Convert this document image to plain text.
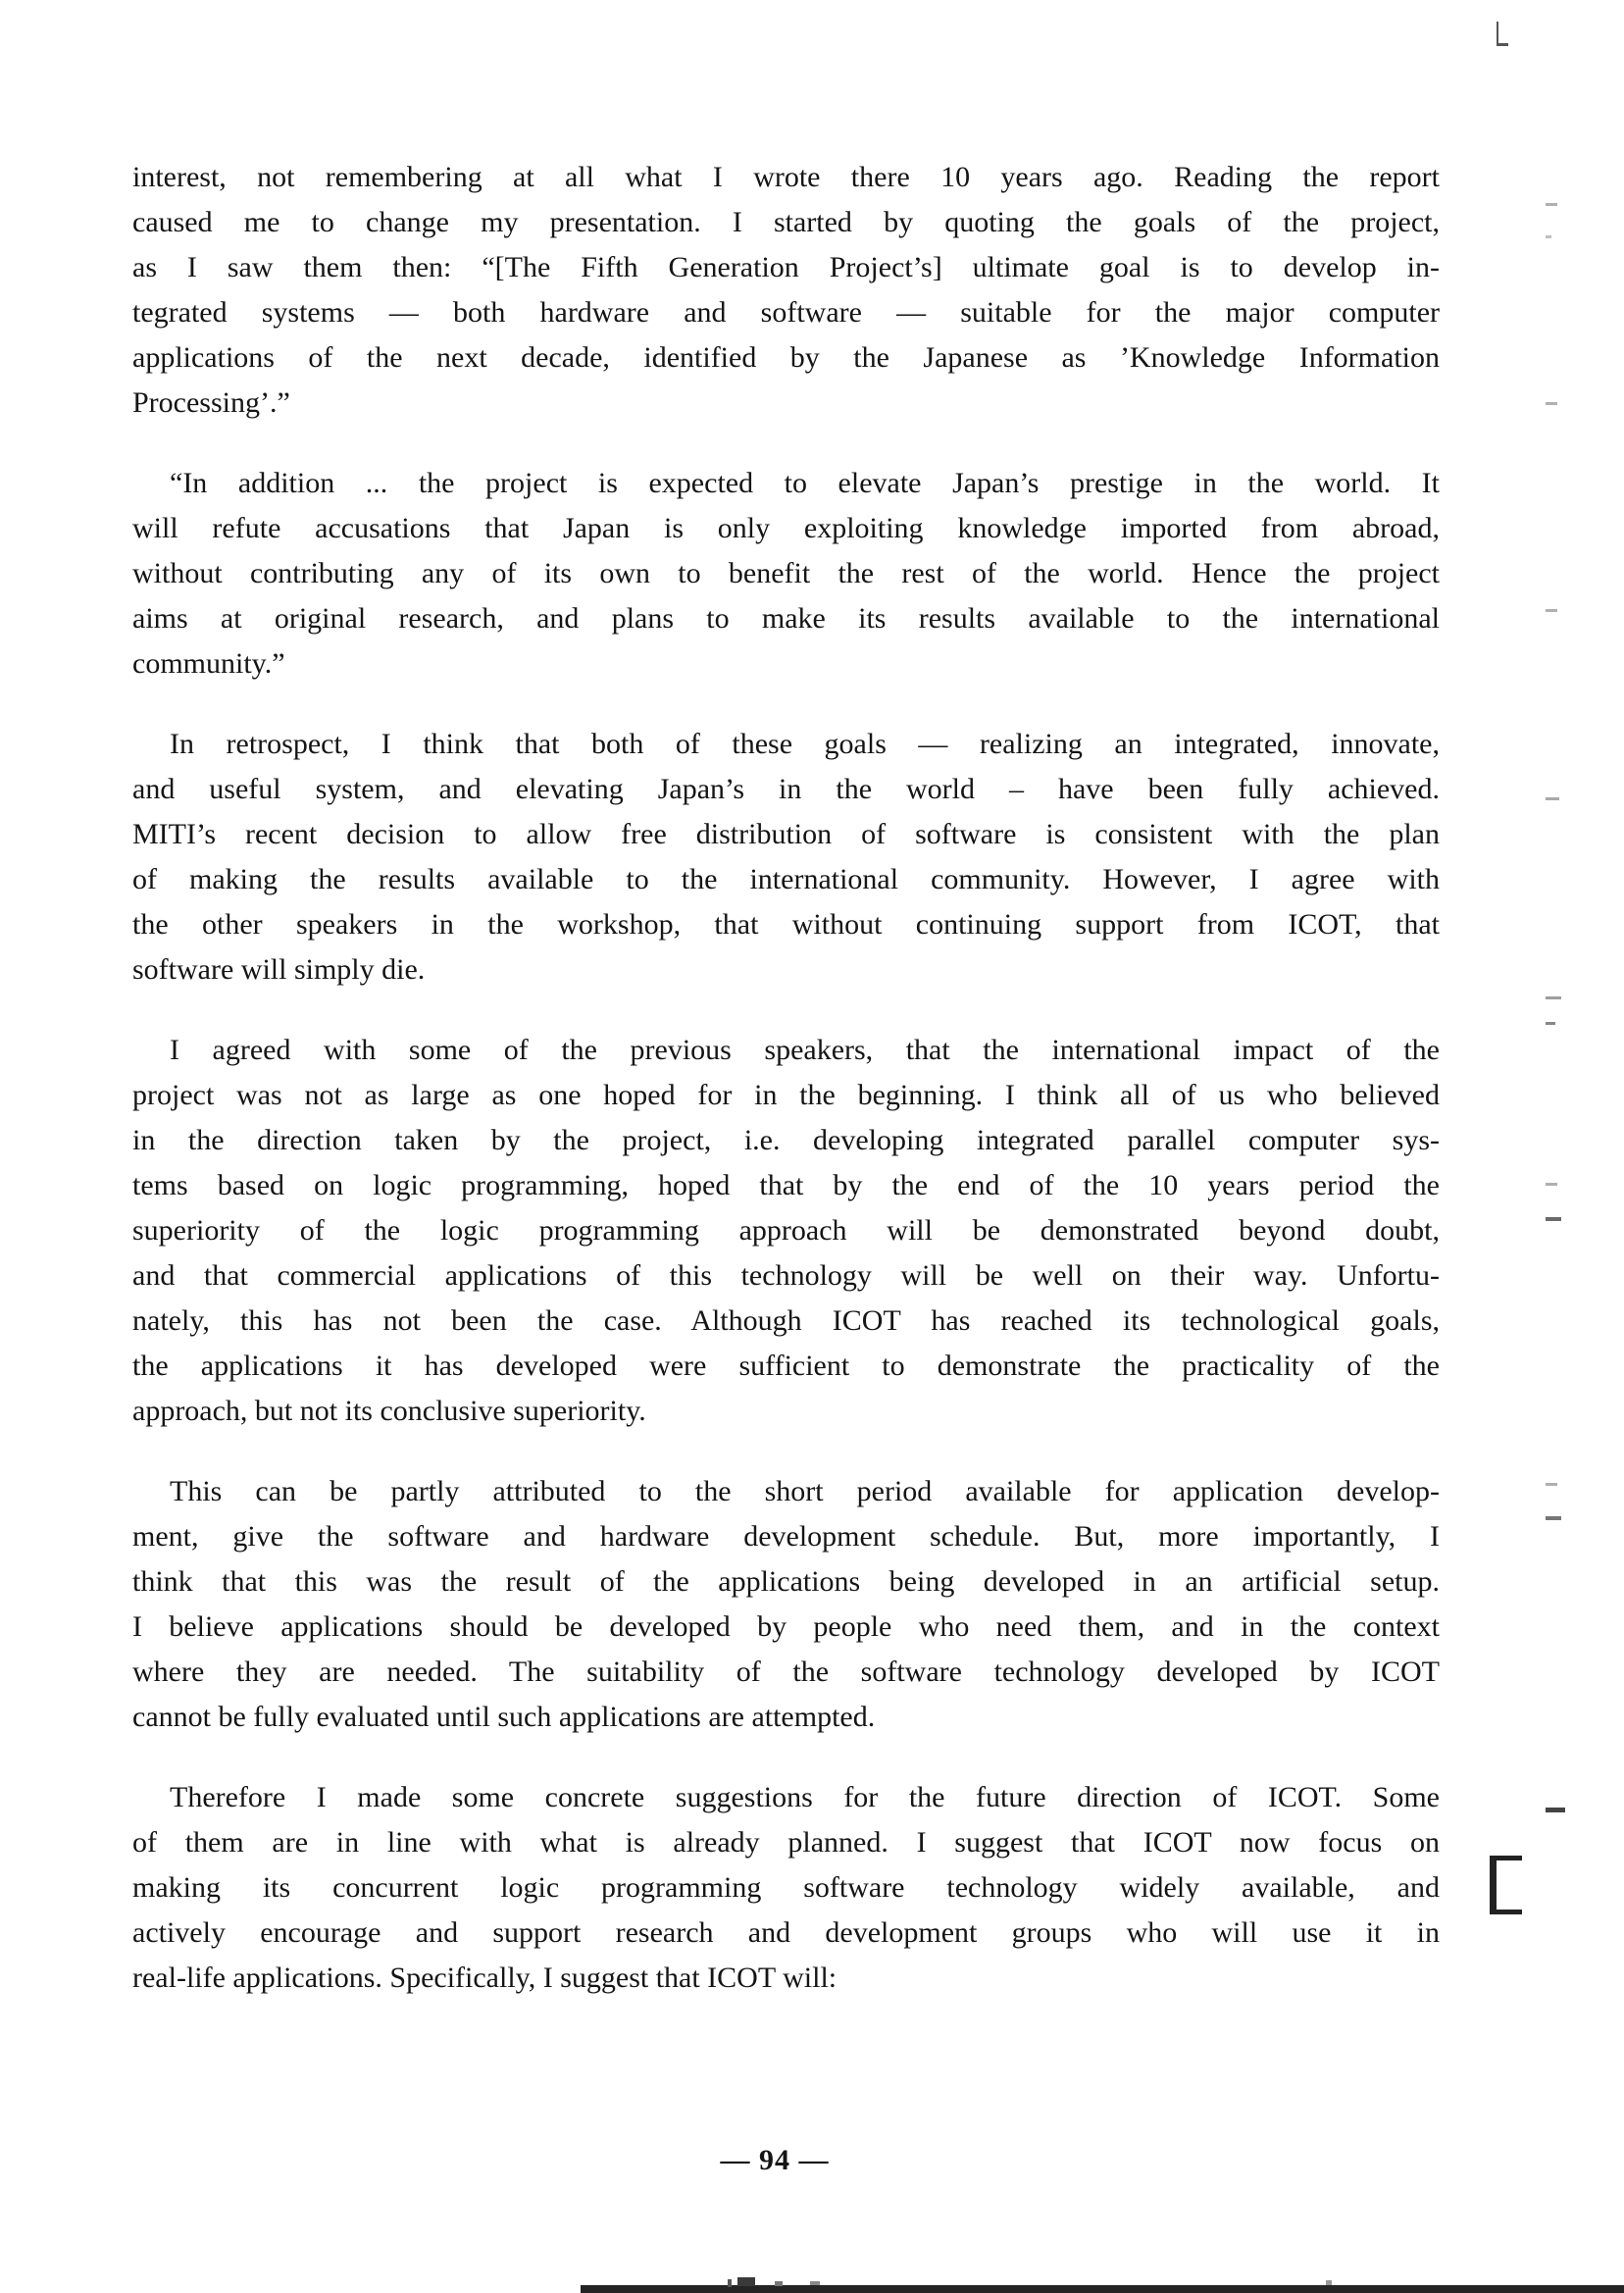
interest, not remembering at all what I wrote there 10 years ago. Reading the report
caused me to change my presentation. I started by quoting the goals of the project,
as I saw them then: “[The Fifth Generation Project’s] ultimate goal is to develop in-
tegrated systems — both hardware and software — suitable for the major computer
applications of the next decade, identified by the Japanese as ’Knowledge Information
Processing’.”
“In addition ... the project is expected to elevate Japan’s prestige in the world. It
will refute accusations that Japan is only exploiting knowledge imported from abroad,
without contributing any of its own to benefit the rest of the world. Hence the project
aims at original research, and plans to make its results available to the international
community.”
In retrospect, I think that both of these goals — realizing an integrated, innovate,
and useful system, and elevating Japan’s in the world – have been fully achieved.
MITI’s recent decision to allow free distribution of software is consistent with the plan
of making the results available to the international community. However, I agree with
the other speakers in the workshop, that without continuing support from ICOT, that
software will simply die.
I agreed with some of the previous speakers, that the international impact of the
project was not as large as one hoped for in the beginning. I think all of us who believed
in the direction taken by the project, i.e. developing integrated parallel computer sys-
tems based on logic programming, hoped that by the end of the 10 years period the
superiority of the logic programming approach will be demonstrated beyond doubt,
and that commercial applications of this technology will be well on their way. Unfortu-
nately, this has not been the case. Although ICOT has reached its technological goals,
the applications it has developed were sufficient to demonstrate the practicality of the
approach, but not its conclusive superiority.
This can be partly attributed to the short period available for application develop-
ment, give the software and hardware development schedule. But, more importantly, I
think that this was the result of the applications being developed in an artificial setup.
I believe applications should be developed by people who need them, and in the context
where they are needed. The suitability of the software technology developed by ICOT
cannot be fully evaluated until such applications are attempted.
Therefore I made some concrete suggestions for the future direction of ICOT. Some
of them are in line with what is already planned. I suggest that ICOT now focus on
making its concurrent logic programming software technology widely available, and
actively encourage and support research and development groups who will use it in
real-life applications. Specifically, I suggest that ICOT will:
— 94 —
